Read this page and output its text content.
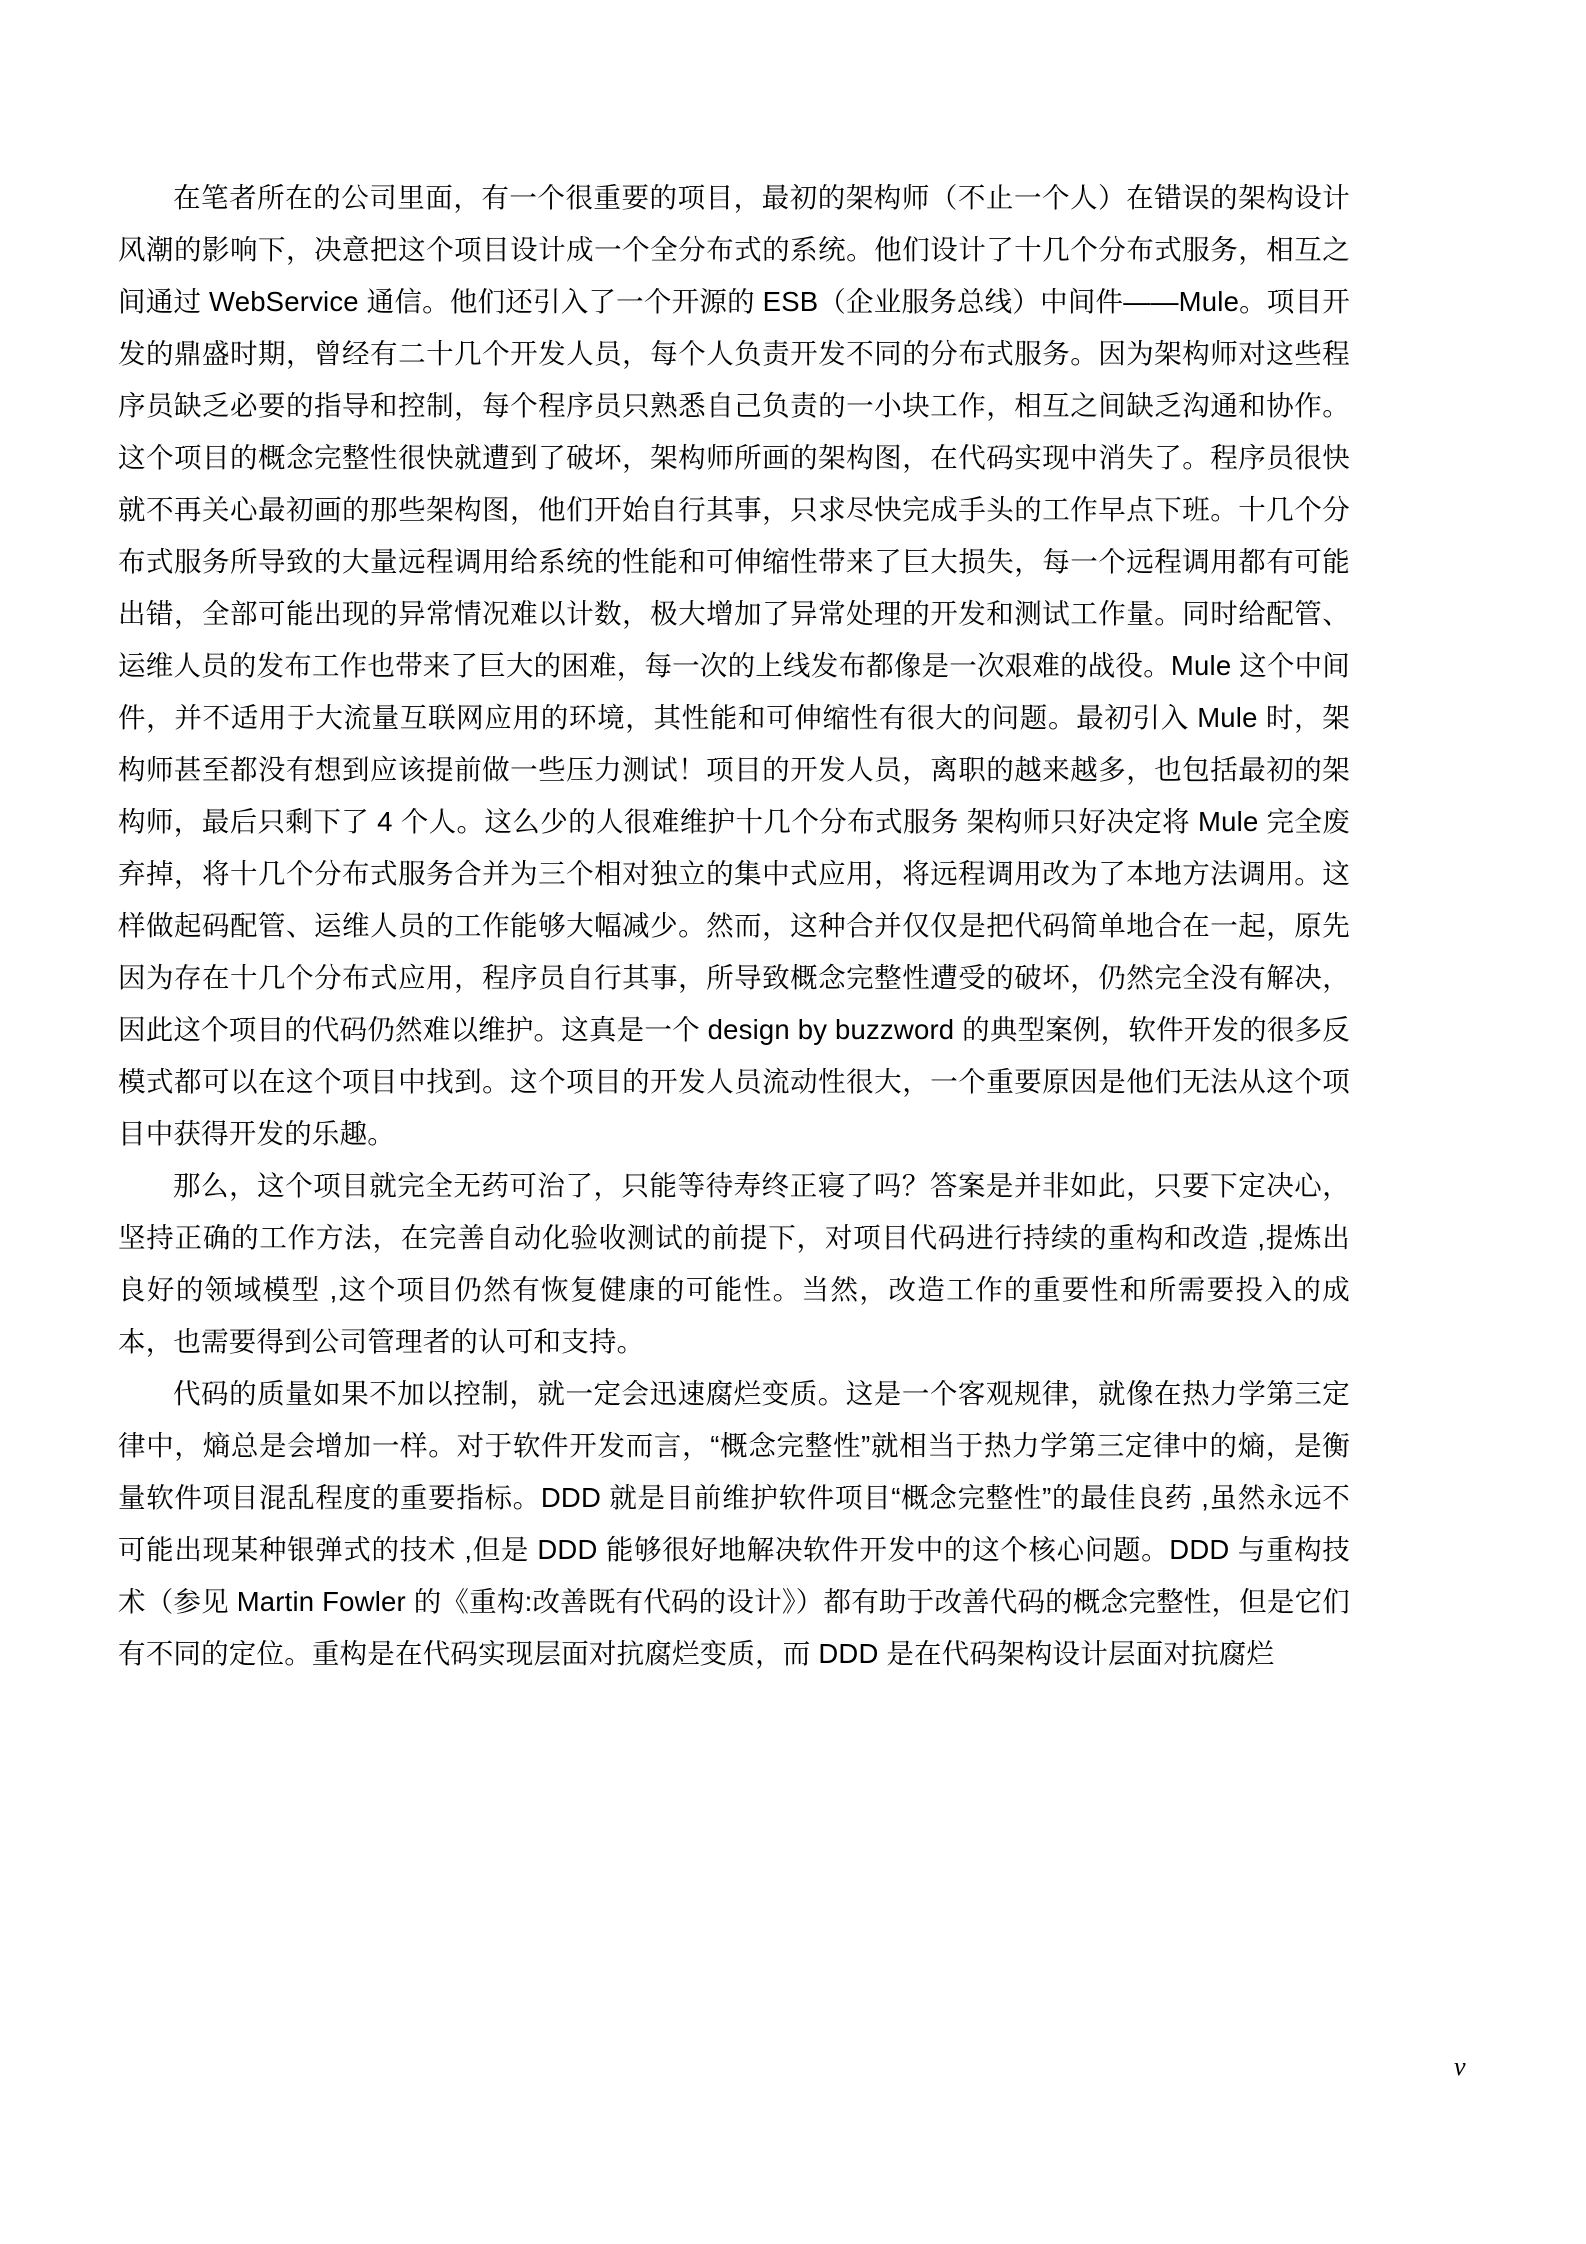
在笔者所在的公司里面，有一个很重要的项目，最初的架构师（不止一个人）在错误的架构设计风潮的影响下，决意把这个项目设计成一个全分布式的系统。他们设计了十几个分布式服务，相互之间通过 WebService 通信。他们还引入了一个开源的 ESB（企业服务总线）中间件——Mule。项目开发的鼎盛时期，曾经有二十几个开发人员，每个人负责开发不同的分布式服务。因为架构师对这些程序员缺乏必要的指导和控制，每个程序员只熟悉自己负责的一小块工作，相互之间缺乏沟通和协作。这个项目的概念完整性很快就遭到了破坏，架构师所画的架构图，在代码实现中消失了。程序员很快就不再关心最初画的那些架构图，他们开始自行其事，只求尽快完成手头的工作早点下班。十几个分布式服务所导致的大量远程调用给系统的性能和可伸缩性带来了巨大损失，每一个远程调用都有可能出错，全部可能出现的异常情况难以计数，极大增加了异常处理的开发和测试工作量。同时给配管、运维人员的发布工作也带来了巨大的困难，每一次的上线发布都像是一次艰难的战役。Mule 这个中间件，并不适用于大流量互联网应用的环境，其性能和可伸缩性有很大的问题。最初引入 Mule 时，架构师甚至都没有想到应该提前做一些压力测试！项目的开发人员，离职的越来越多，也包括最初的架构师，最后只剩下了 4 个人。这么少的人很难维护十几个分布式服务 架构师只好决定将 Mule 完全废弃掉，将十几个分布式服务合并为三个相对独立的集中式应用，将远程调用改为了本地方法调用。这样做起码配管、运维人员的工作能够大幅减少。然而，这种合并仅仅是把代码简单地合在一起，原先因为存在十几个分布式应用，程序员自行其事，所导致概念完整性遭受的破坏，仍然完全没有解决，因此这个项目的代码仍然难以维护。这真是一个 design by buzzword 的典型案例，软件开发的很多反模式都可以在这个项目中找到。这个项目的开发人员流动性很大，一个重要原因是他们无法从这个项目中获得开发的乐趣。

那么，这个项目就完全无药可治了，只能等待寿终正寝了吗？答案是并非如此，只要下定决心，坚持正确的工作方法，在完善自动化验收测试的前提下，对项目代码进行持续的重构和改造 ,提炼出良好的领域模型 ,这个项目仍然有恢复健康的可能性。当然，改造工作的重要性和所需要投入的成本，也需要得到公司管理者的认可和支持。

代码的质量如果不加以控制，就一定会迅速腐烂变质。这是一个客观规律，就像在热力学第三定律中，熵总是会增加一样。对于软件开发而言，“概念完整性”就相当于热力学第三定律中的熵，是衡量软件项目混乱程度的重要指标。DDD 就是目前维护软件项目“概念完整性”的最佳良药 ,虽然永远不可能出现某种银弹式的技术 ,但是 DDD 能够很好地解决软件开发中的这个核心问题。DDD 与重构技术（参见 Martin Fowler 的《重构:改善既有代码的设计》）都有助于改善代码的概念完整性，但是它们有不同的定位。重构是在代码实现层面对抗腐烂变质，而 DDD 是在代码架构设计层面对抗腐烂

v
